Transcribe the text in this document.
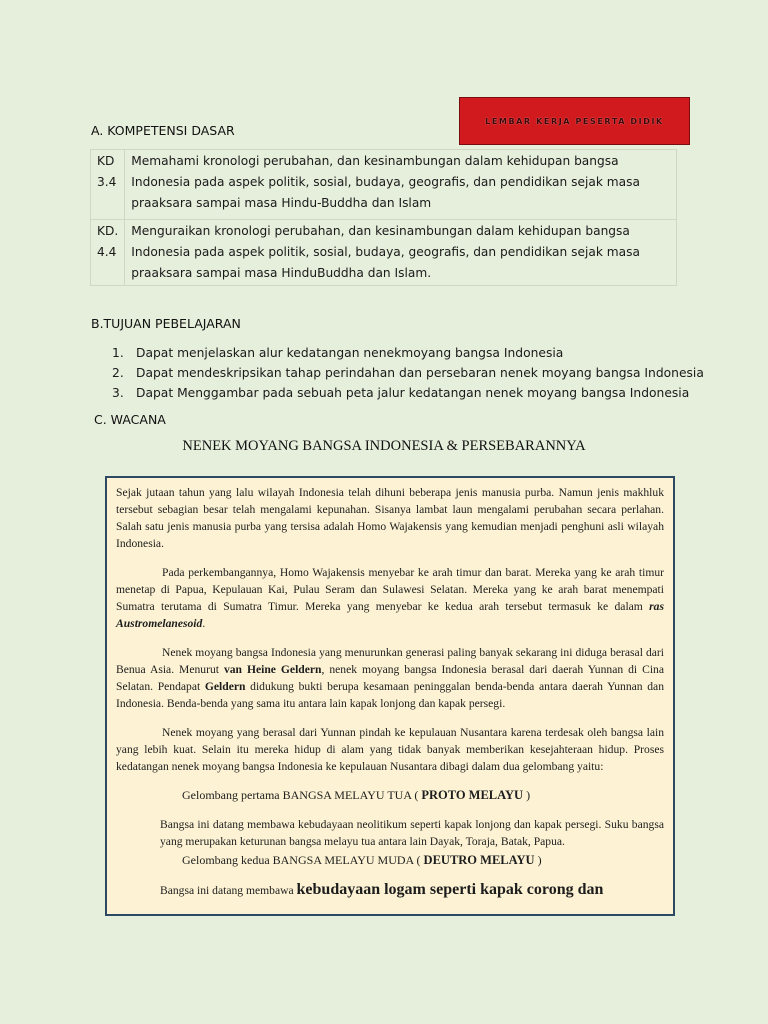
LEMBAR KERJA PESERTA DIDIK
A. KOMPETENSI DASAR
KD
3.4	Memahami kronologi perubahan, dan kesinambungan dalam kehidupan bangsa Indonesia pada aspek politik, sosial, budaya, geografis, dan pendidikan sejak masa praaksara sampai masa Hindu-Buddha dan Islam
KD.
4.4	Menguraikan kronologi perubahan, dan kesinambungan dalam kehidupan bangsa Indonesia pada aspek politik, sosial, budaya, geografis, dan pendidikan sejak masa praaksara sampai masa HinduBuddha dan Islam.
B.TUJUAN PEBELAJARAN
1. Dapat menjelaskan alur kedatangan nenekmoyang bangsa Indonesia
2. Dapat mendeskripsikan tahap perindahan dan persebaran nenek moyang bangsa Indonesia
3. Dapat Menggambar pada sebuah peta jalur kedatangan nenek moyang bangsa Indonesia
C. WACANA
NENEK MOYANG BANGSA INDONESIA & PERSEBARANNYA

Sejak jutaan tahun yang lalu wilayah Indonesia telah dihuni beberapa jenis manusia purba. Namun jenis makhluk tersebut sebagian besar telah mengalami kepunahan. Sisanya lambat laun mengalami perubahan secara perlahan. Salah satu jenis manusia purba yang tersisa adalah Homo Wajakensis yang kemudian menjadi penghuni asli wilayah Indonesia.

Pada perkembangannya, Homo Wajakensis menyebar ke arah timur dan barat. Mereka yang ke arah timur menetap di Papua, Kepulauan Kai, Pulau Seram dan Sulawesi Selatan. Mereka yang ke arah barat menempati Sumatra terutama di Sumatra Timur. Mereka yang menyebar ke kedua arah tersebut termasuk ke dalam ras Austromelanesoid.

Nenek moyang bangsa Indonesia yang menurunkan generasi paling banyak sekarang ini diduga berasal dari Benua Asia. Menurut van Heine Geldern, nenek moyang bangsa Indonesia berasal dari daerah Yunnan di Cina Selatan. Pendapat Geldern didukung bukti berupa kesamaan peninggalan benda-benda antara daerah Yunnan dan Indonesia. Benda-benda yang sama itu antara lain kapak lonjong dan kapak persegi.

Nenek moyang yang berasal dari Yunnan pindah ke kepulauan Nusantara karena terdesak oleh bangsa lain yang lebih kuat. Selain itu mereka hidup di alam yang tidak banyak memberikan kesejahteraan hidup. Proses kedatangan nenek moyang bangsa Indonesia ke kepulauan Nusantara dibagi dalam dua gelombang yaitu:

Gelombang pertama BANGSA MELAYU TUA ( PROTO MELAYU )

Bangsa ini datang membawa kebudayaan neolitikum seperti kapak lonjong dan kapak persegi. Suku bangsa yang merupakan keturunan bangsa melayu tua antara lain Dayak, Toraja, Batak, Papua.

Gelombang kedua BANGSA MELAYU MUDA ( DEUTRO MELAYU )

Bangsa ini datang membawa kebudayaan logam seperti kapak corong dan
